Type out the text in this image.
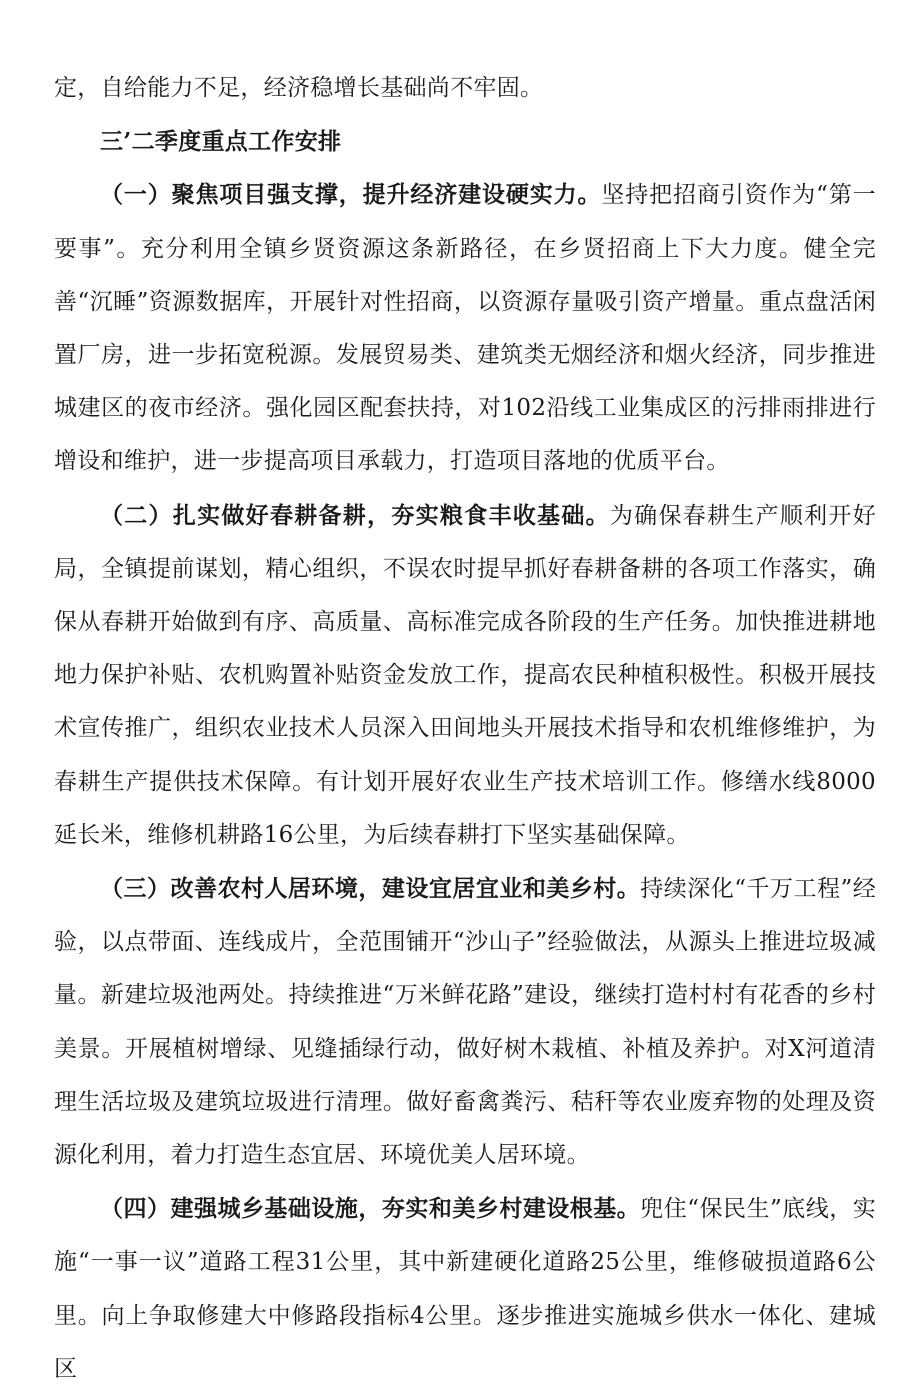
定，自给能力不足，经济稳增长基础尚不牢固。

三’二季度重点工作安排

（一）聚焦项目强支撑，提升经济建设硬实力。坚持把招商引资作为“第一要事”。充分利用全镇乡贤资源这条新路径，在乡贤招商上下大力度。健全完善“沉睡”资源数据库，开展针对性招商，以资源存量吸引资产增量。重点盘活闲置厂房，进一步拓宽税源。发展贸易类、建筑类无烟经济和烟火经济，同步推进城建区的夜市经济。强化园区配套扶持，对102沿线工业集成区的污排雨排进行增设和维护，进一步提高项目承载力，打造项目落地的优质平台。

（二）扎实做好春耕备耕，夯实粮食丰收基础。为确保春耕生产顺利开好局，全镇提前谋划，精心组织，不误农时提早抓好春耕备耕的各项工作落实，确保从春耕开始做到有序、高质量、高标准完成各阶段的生产任务。加快推进耕地地力保护补贴、农机购置补贴资金发放工作，提高农民种植积极性。积极开展技术宣传推广，组织农业技术人员深入田间地头开展技术指导和农机维修维护，为春耕生产提供技术保障。有计划开展好农业生产技术培训工作。修缮水线8000延长米，维修机耕路16公里，为后续春耕打下坚实基础保障。

（三）改善农村人居环境，建设宜居宜业和美乡村。持续深化“千万工程”经验，以点带面、连线成片，全范围铺开“沙山子”经验做法，从源头上推进垃圾减量。新建垃圾池两处。持续推进“万米鲜花路”建设，继续打造村村有花香的乡村美景。开展植树增绿、见缝插绿行动，做好树木栽植、补植及养护。对X河道清理生活垃圾及建筑垃圾进行清理。做好畜禽粪污、秸秆等农业废弃物的处理及资源化利用，着力打造生态宜居、环境优美人居环境。

（四）建强城乡基础设施，夯实和美乡村建设根基。兜住“保民生”底线，实施“一事一议”道路工程31公里，其中新建硬化道路25公里，维修破损道路6公里。向上争取修建大中修路段指标4公里。逐步推进实施城乡供水一体化、建城区
